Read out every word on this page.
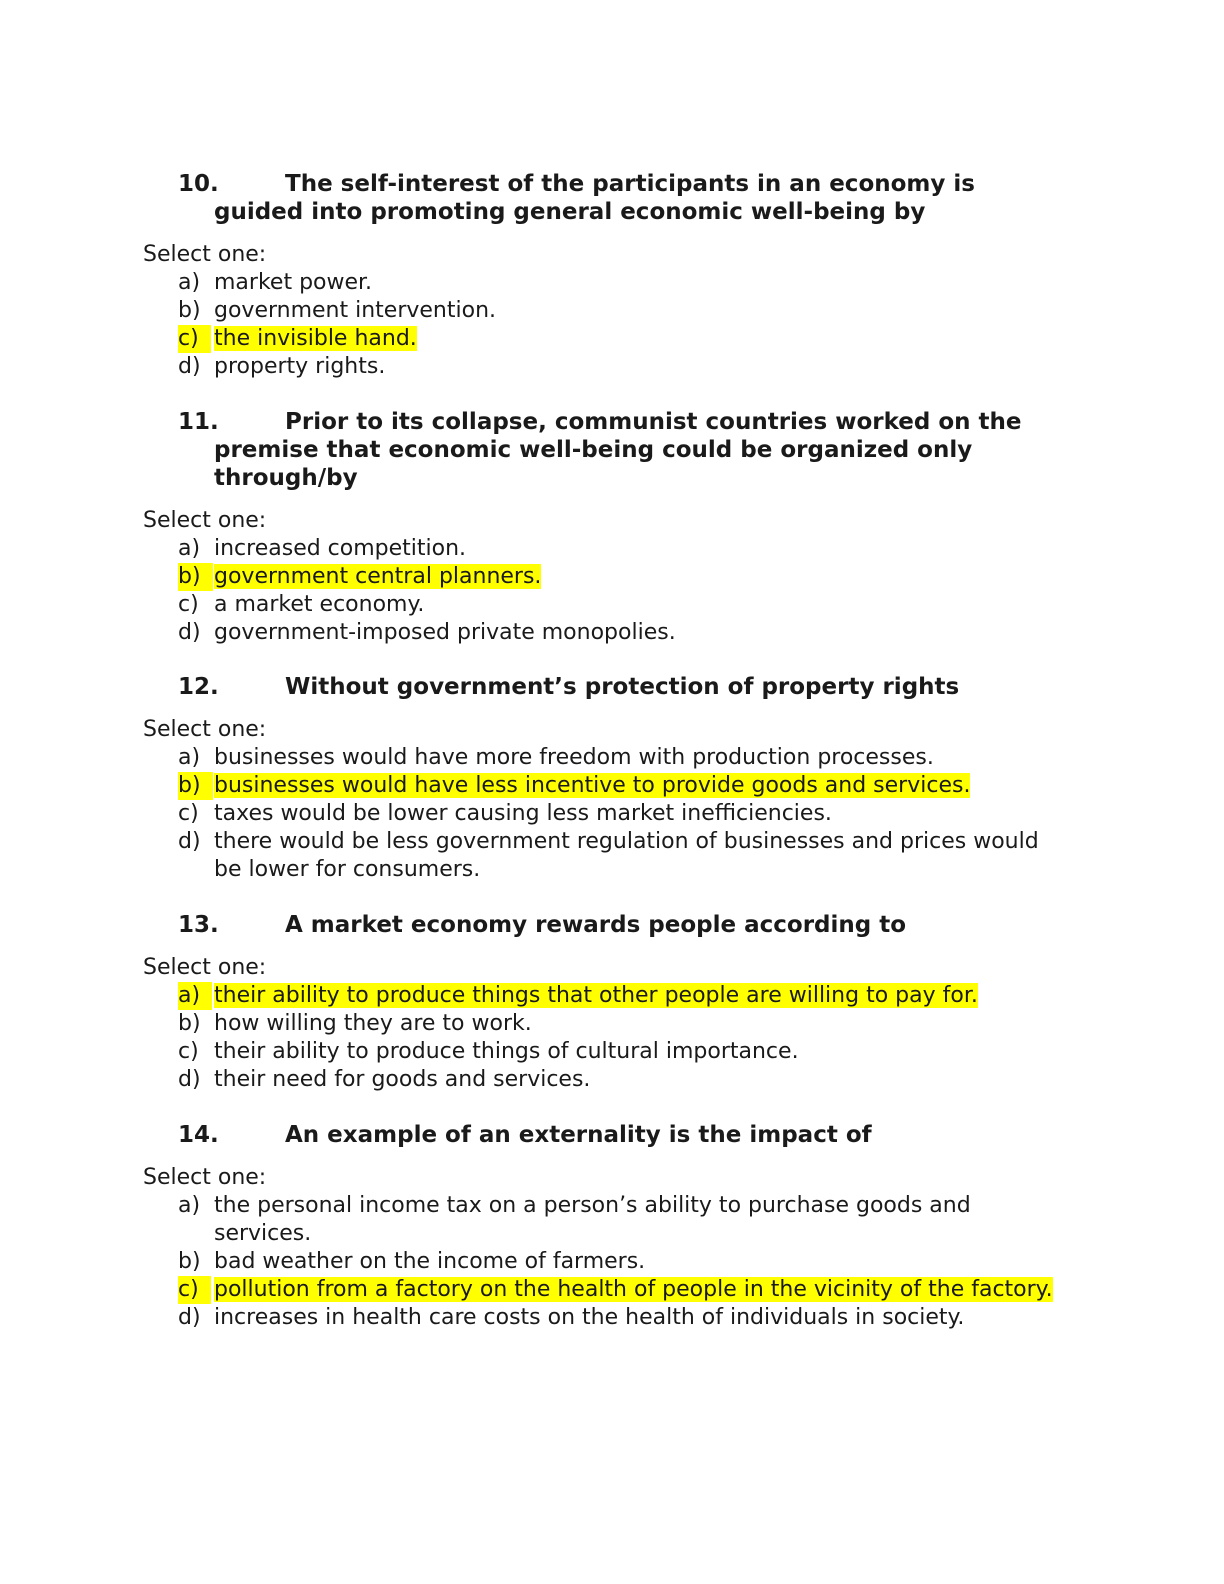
10.	The self-interest of the participants in an economy is guided into promoting general economic well-being by
Select one:
a) market power.
b) government intervention.
c) the invisible hand.
d) property rights.
11.	Prior to its collapse, communist countries worked on the premise that economic well-being could be organized only through/by
Select one:
a) increased competition.
b) government central planners.
c) a market economy.
d) government-imposed private monopolies.
12.	Without government’s protection of property rights
Select one:
a) businesses would have more freedom with production processes.
b) businesses would have less incentive to provide goods and services.
c) taxes would be lower causing less market inefficiencies.
d) there would be less government regulation of businesses and prices would be lower for consumers.
13.	A market economy rewards people according to
Select one:
a) their ability to produce things that other people are willing to pay for.
b) how willing they are to work.
c) their ability to produce things of cultural importance.
d) their need for goods and services.
14.	An example of an externality is the impact of
Select one:
a) the personal income tax on a person’s ability to purchase goods and services.
b) bad weather on the income of farmers.
c) pollution from a factory on the health of people in the vicinity of the factory.
d) increases in health care costs on the health of individuals in society.
